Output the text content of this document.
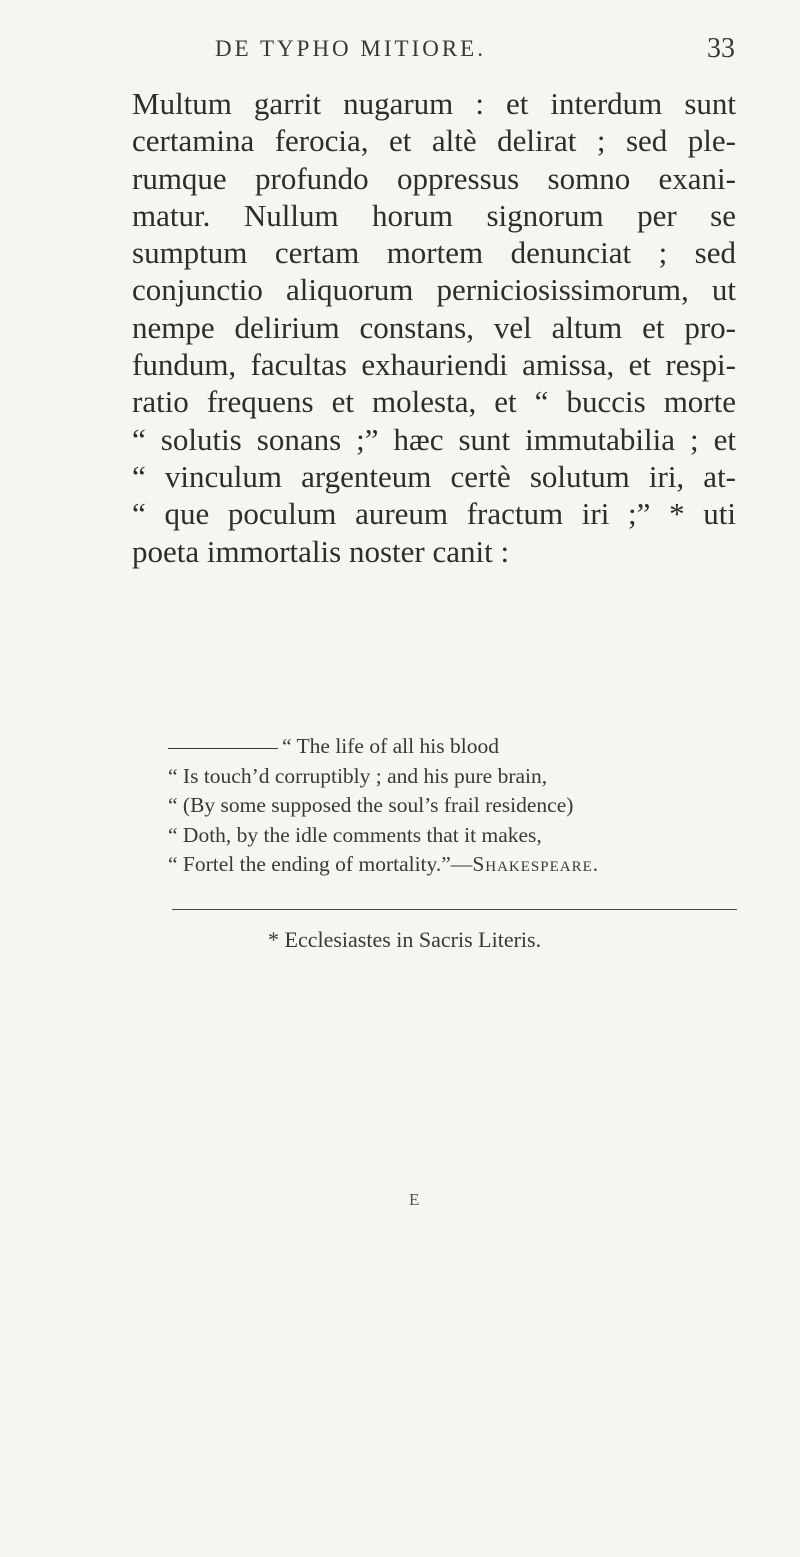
DE TYPHO MITIORE.	33
Multum garrit nugarum : et interdum sunt
certamina ferocia, et altè delirat ; sed ple-
rumque profundo oppressus somno exani-
matur. Nullum horum signorum per se
sumptum certam mortem denunciat ; sed
conjunctio aliquorum perniciosissimorum, ut
nempe delirium constans, vel altum et pro-
fundum, facultas exhauriendi amissa, et respi-
ratio frequens et molesta, et “ buccis morte
“ solutis sonans ;” hæc sunt immutabilia ; et
“ vinculum argenteum certè solutum iri, at-
“ que poculum aureum fractum iri ;” * uti
poeta immortalis noster canit :
“ The life of all his blood
“ Is touch’d corruptibly ; and his pure brain,
“ (By some supposed the soul’s frail residence)
“ Doth, by the idle comments that it makes,
“ Fortel the ending of mortality.”—Shakespeare.
* Ecclesiastes in Sacris Literis.
E
